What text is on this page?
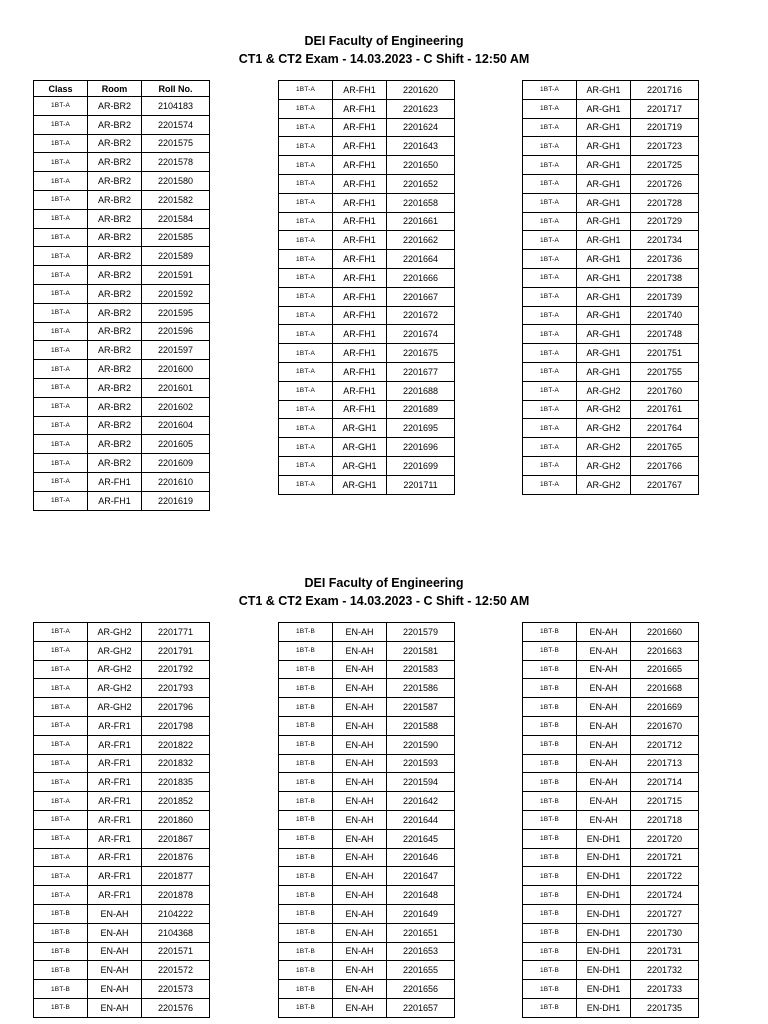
DEI Faculty of Engineering
CT1 & CT2 Exam - 14.03.2023 - C Shift - 12:50 AM
Class	Room	Roll No.
1BT-A	AR-BR2	2104183
1BT-A	AR-BR2	2201574
1BT-A	AR-BR2	2201575
1BT-A	AR-BR2	2201578
1BT-A	AR-BR2	2201580
1BT-A	AR-BR2	2201582
1BT-A	AR-BR2	2201584
1BT-A	AR-BR2	2201585
1BT-A	AR-BR2	2201589
1BT-A	AR-BR2	2201591
1BT-A	AR-BR2	2201592
1BT-A	AR-BR2	2201595
1BT-A	AR-BR2	2201596
1BT-A	AR-BR2	2201597
1BT-A	AR-BR2	2201600
1BT-A	AR-BR2	2201601
1BT-A	AR-BR2	2201602
1BT-A	AR-BR2	2201604
1BT-A	AR-BR2	2201605
1BT-A	AR-BR2	2201609
1BT-A	AR-FH1	2201610
1BT-A	AR-FH1	2201619
1BT-A	AR-FH1	2201620
1BT-A	AR-FH1	2201623
1BT-A	AR-FH1	2201624
1BT-A	AR-FH1	2201643
1BT-A	AR-FH1	2201650
1BT-A	AR-FH1	2201652
1BT-A	AR-FH1	2201658
1BT-A	AR-FH1	2201661
1BT-A	AR-FH1	2201662
1BT-A	AR-FH1	2201664
1BT-A	AR-FH1	2201666
1BT-A	AR-FH1	2201667
1BT-A	AR-FH1	2201672
1BT-A	AR-FH1	2201674
1BT-A	AR-FH1	2201675
1BT-A	AR-FH1	2201677
1BT-A	AR-FH1	2201688
1BT-A	AR-FH1	2201689
1BT-A	AR-GH1	2201695
1BT-A	AR-GH1	2201696
1BT-A	AR-GH1	2201699
1BT-A	AR-GH1	2201711
1BT-A	AR-GH1	2201716
1BT-A	AR-GH1	2201717
1BT-A	AR-GH1	2201719
1BT-A	AR-GH1	2201723
1BT-A	AR-GH1	2201725
1BT-A	AR-GH1	2201726
1BT-A	AR-GH1	2201728
1BT-A	AR-GH1	2201729
1BT-A	AR-GH1	2201734
1BT-A	AR-GH1	2201736
1BT-A	AR-GH1	2201738
1BT-A	AR-GH1	2201739
1BT-A	AR-GH1	2201740
1BT-A	AR-GH1	2201748
1BT-A	AR-GH1	2201751
1BT-A	AR-GH1	2201755
1BT-A	AR-GH2	2201760
1BT-A	AR-GH2	2201761
1BT-A	AR-GH2	2201764
1BT-A	AR-GH2	2201765
1BT-A	AR-GH2	2201766
1BT-A	AR-GH2	2201767
DEI Faculty of Engineering
CT1 & CT2 Exam - 14.03.2023 - C Shift - 12:50 AM
1BT-A	AR-GH2	2201771
1BT-A	AR-GH2	2201791
1BT-A	AR-GH2	2201792
1BT-A	AR-GH2	2201793
1BT-A	AR-GH2	2201796
1BT-A	AR-FR1	2201798
1BT-A	AR-FR1	2201822
1BT-A	AR-FR1	2201832
1BT-A	AR-FR1	2201835
1BT-A	AR-FR1	2201852
1BT-A	AR-FR1	2201860
1BT-A	AR-FR1	2201867
1BT-A	AR-FR1	2201876
1BT-A	AR-FR1	2201877
1BT-A	AR-FR1	2201878
1BT-B	EN-AH	2104222
1BT-B	EN-AH	2104368
1BT-B	EN-AH	2201571
1BT-B	EN-AH	2201572
1BT-B	EN-AH	2201573
1BT-B	EN-AH	2201576
1BT-B	EN-AH	2201579
1BT-B	EN-AH	2201581
1BT-B	EN-AH	2201583
1BT-B	EN-AH	2201586
1BT-B	EN-AH	2201587
1BT-B	EN-AH	2201588
1BT-B	EN-AH	2201590
1BT-B	EN-AH	2201593
1BT-B	EN-AH	2201594
1BT-B	EN-AH	2201642
1BT-B	EN-AH	2201644
1BT-B	EN-AH	2201645
1BT-B	EN-AH	2201646
1BT-B	EN-AH	2201647
1BT-B	EN-AH	2201648
1BT-B	EN-AH	2201649
1BT-B	EN-AH	2201651
1BT-B	EN-AH	2201653
1BT-B	EN-AH	2201655
1BT-B	EN-AH	2201656
1BT-B	EN-AH	2201657
1BT-B	EN-AH	2201660
1BT-B	EN-AH	2201663
1BT-B	EN-AH	2201665
1BT-B	EN-AH	2201668
1BT-B	EN-AH	2201669
1BT-B	EN-AH	2201670
1BT-B	EN-AH	2201712
1BT-B	EN-AH	2201713
1BT-B	EN-AH	2201714
1BT-B	EN-AH	2201715
1BT-B	EN-AH	2201718
1BT-B	EN-DH1	2201720
1BT-B	EN-DH1	2201721
1BT-B	EN-DH1	2201722
1BT-B	EN-DH1	2201724
1BT-B	EN-DH1	2201727
1BT-B	EN-DH1	2201730
1BT-B	EN-DH1	2201731
1BT-B	EN-DH1	2201732
1BT-B	EN-DH1	2201733
1BT-B	EN-DH1	2201735
